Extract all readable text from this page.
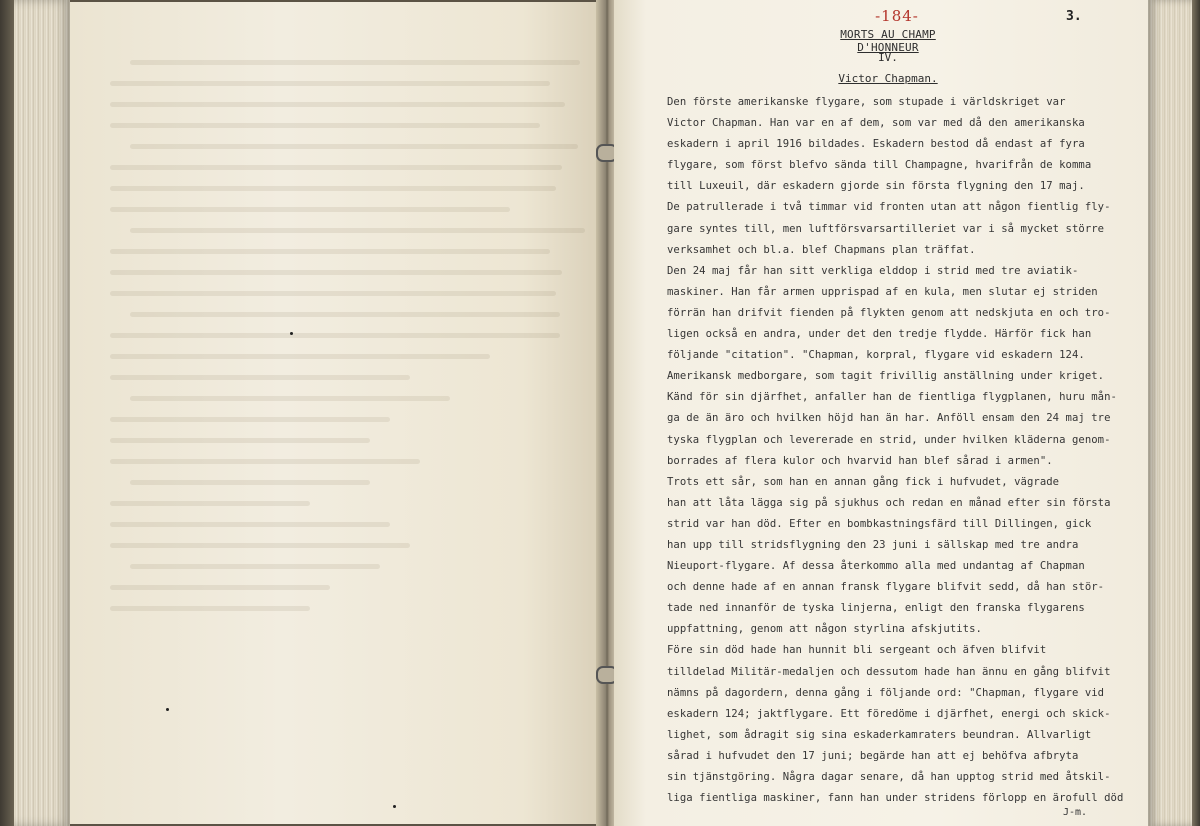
-184-	3.
MORTS AU CHAMP D'HONNEUR
IV.
Victor Chapman.
Den förste amerikanske flygare, som stupade i världskriget var
Victor Chapman. Han var en af dem, som var med då den amerikanska
eskadern i april 1916 bildades. Eskadern bestod då endast af fyra
flygare, som först blefvo sända till Champagne, hvarifrån de komma
till Luxeuil, där eskadern gjorde sin första flygning den 17 maj.
De patrullerade i två timmar vid fronten utan att någon fientlig fly-
gare syntes till, men luftförsvarsartilleriet var i så mycket större
verksamhet och bl.a. blef Chapmans plan träffat.
Den 24 maj får han sitt verkliga elddop i strid med tre aviatik-
maskiner. Han får armen upprispad af en kula, men slutar ej striden
förrän han drifvit fienden på flykten genom att nedskjuta en och tro-
ligen också en andra, under det den tredje flydde. Härför fick han
följande "citation". "Chapman, korpral, flygare vid eskadern 124.
Amerikansk medborgare, som tagit frivillig anställning under kriget.
Känd för sin djärfhet, anfaller han de fientliga flygplanen, huru mån-
ga de än äro och hvilken höjd han än har. Anföll ensam den 24 maj tre
tyska flygplan och levererade en strid, under hvilken kläderna genom-
borrades af flera kulor och hvarvid han blef sårad i armen".
Trots ett sår, som han en annan gång fick i hufvudet, vägrade
han att låta lägga sig på sjukhus och redan en månad efter sin första
strid var han död. Efter en bombkastningsfärd till Dillingen, gick
han upp till stridsflygning den 23 juni i sällskap med tre andra
Nieuport-flygare. Af dessa återkommo alla med undantag af Chapman
och denne hade af en annan fransk flygare blifvit sedd, då han stör-
tade ned innanför de tyska linjerna, enligt den franska flygarens
uppfattning, genom att någon styrlina afskjutits.
Före sin död hade han hunnit bli sergeant och äfven blifvit
tilldelad Militär-medaljen och dessutom hade han ännu en gång blifvit
nämns på dagordern, denna gång i följande ord: "Chapman, flygare vid
eskadern 124; jaktflygare. Ett föredöme i djärfhet, energi och skick-
lighet, som ådragit sig sina eskaderkamraters beundran. Allvarligt
sårad i hufvudet den 17 juni; begärde han att ej behöfva afbryta
sin tjänstgöring. Några dagar senare, då han upptog strid med åtskil-
liga fientliga maskiner, fann han under stridens förlopp en ärofull död
J-m.
